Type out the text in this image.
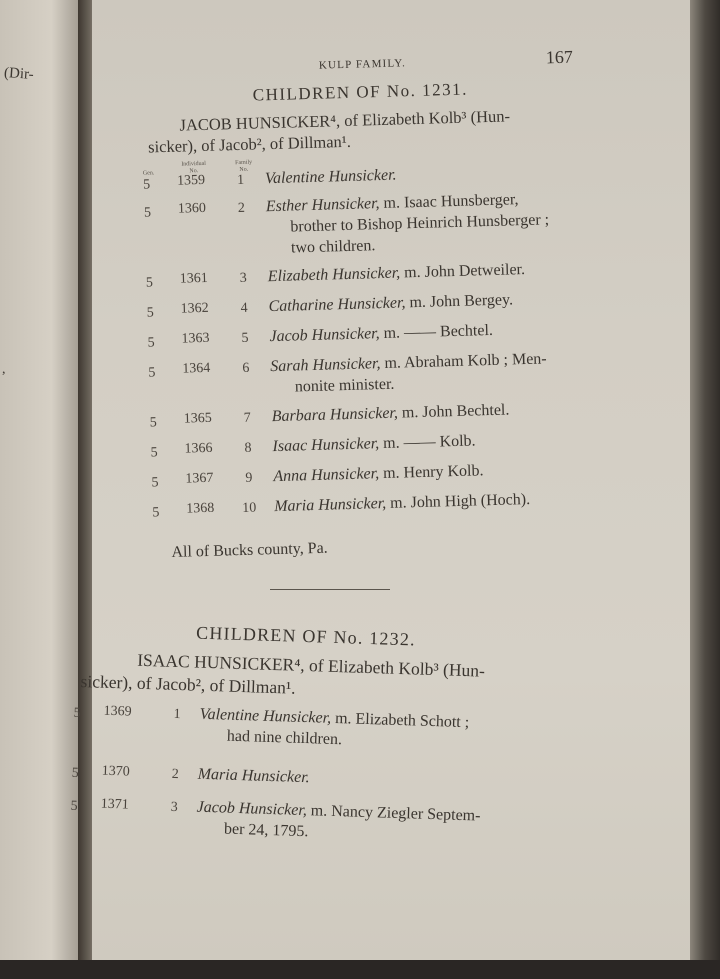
(Dir-
,
KULP FAMILY.	167
CHILDREN OF No. 1231.
JACOB HUNSICKER⁴, of Elizabeth Kolb³ (Hun-
sicker), of Jacob², of Dillman¹.
Gen.
Individual No.
Family No.
5 1359 1 Valentine Hunsicker.
5 1360 2 Esther Hunsicker, m. Isaac Hunsberger,
brother to Bishop Heinrich Hunsberger ;
two children.
5 1361 3 Elizabeth Hunsicker, m. John Detweiler.
5 1362 4 Catharine Hunsicker, m. John Bergey.
5 1363 5 Jacob Hunsicker, m. —— Bechtel.
5 1364 6 Sarah Hunsicker, m. Abraham Kolb ; Men-
nonite minister.
5 1365 7 Barbara Hunsicker, m. John Bechtel.
5 1366 8 Isaac Hunsicker, m. —— Kolb.
5 1367 9 Anna Hunsicker, m. Henry Kolb.
5 1368 10 Maria Hunsicker, m. John High (Hoch).
All of Bucks county, Pa.
CHILDREN OF No. 1232.
ISAAC HUNSICKER⁴, of Elizabeth Kolb³ (Hun-
sicker), of Jacob², of Dillman¹.
5 1369	1 Valentine Hunsicker, m. Elizabeth Schott ;
had nine children.
5 1370	2 Maria Hunsicker.
5 1371	3 Jacob Hunsicker, m. Nancy Ziegler Septem-
ber 24, 1795.
